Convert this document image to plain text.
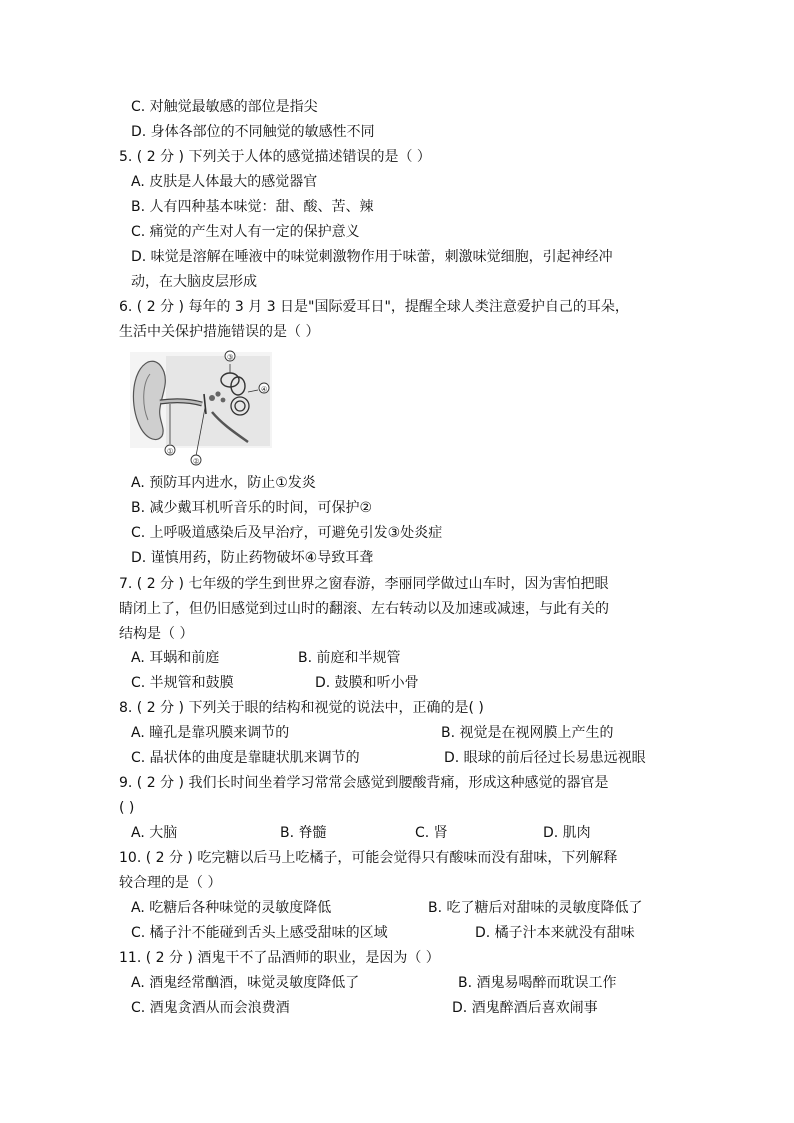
C. 对触觉最敏感的部位是指尖
D. 身体各部位的不同触觉的敏感性不同
5. ( 2 分 ) 下列关于人体的感觉描述错误的是（ ）
A. 皮肤是人体最大的感觉器官
B. 人有四种基本味觉：甜、酸、苦、辣
C. 痛觉的产生对人有一定的保护意义
D. 味觉是溶解在唾液中的味觉刺激物作用于味蕾，刺激味觉细胞，引起神经冲
动，在大脑皮层形成
6. ( 2 分 ) 每年的 3 月 3 日是"国际爱耳日"，提醒全球人类注意爱护自己的耳朵，
生活中关保护措施错误的是（ ）
③
④
①
②
A. 预防耳内进水，防止①发炎
B. 减少戴耳机听音乐的时间，可保护②
C. 上呼吸道感染后及早治疗，可避免引发③处炎症
D. 谨慎用药，防止药物破坏④导致耳聋
7. ( 2 分 ) 七年级的学生到世界之窗春游，李丽同学做过山车时，因为害怕把眼
睛闭上了，但仍旧感觉到过山时的翻滚、左右转动以及加速或减速，与此有关的
结构是（ ）
A. 耳蜗和前庭	B. 前庭和半规管
C. 半规管和鼓膜	D. 鼓膜和听小骨
8. ( 2 分 ) 下列关于眼的结构和视觉的说法中，正确的是( )
A. 瞳孔是靠巩膜来调节的	B. 视觉是在视网膜上产生的
C. 晶状体的曲度是靠睫状肌来调节的	D. 眼球的前后径过长易患远视眼
9. ( 2 分 ) 我们长时间坐着学习常常会感觉到腰酸背痛，形成这种感觉的器官是
( )
A. 大脑	B. 脊髓	C. 肾	D. 肌肉
10. ( 2 分 ) 吃完糖以后马上吃橘子，可能会觉得只有酸味而没有甜味，下列解释
较合理的是（ ）
A. 吃糖后各种味觉的灵敏度降低	B. 吃了糖后对甜味的灵敏度降低了
C. 橘子汁不能碰到舌头上感受甜味的区域	D. 橘子汁本来就没有甜味
11. ( 2 分 ) 酒鬼干不了品酒师的职业，是因为（ ）
A. 酒鬼经常酗酒，味觉灵敏度降低了	B. 酒鬼易喝醉而耽误工作
C. 酒鬼贪酒从而会浪费酒	D. 酒鬼醉酒后喜欢闹事
